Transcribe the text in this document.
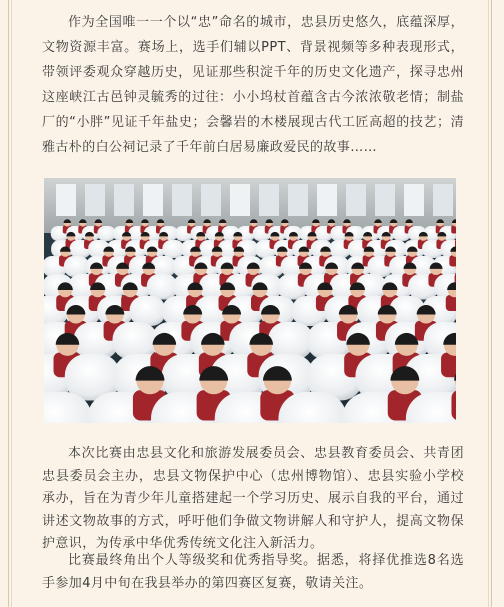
作为全国唯一一个以“忠”命名的城市，忠县历史悠久，底蕴深厚，文物资源丰富。赛场上，选手们辅以PPT、背景视频等多种表现形式，带领评委观众穿越历史，见证那些积淀千年的历史文化遗产，探寻忠州这座峡江古邑钟灵毓秀的过往：小小坞杖首蕴含古今浓浓敬老情；制盐厂的“小胖”见证千年盐史；会馨岩的木楼展现古代工匠高超的技艺；清雅古朴的白公祠记录了千年前白居易廉政爱民的故事……

本次比赛由忠县文化和旅游发展委员会、忠县教育委员会、共青团忠县委员会主办，忠县文物保护中心（忠州博物馆）、忠县实验小学校承办，旨在为青少年儿童搭建起一个学习历史、展示自我的平台，通过讲述文物故事的方式，呼吁他们争做文物讲解人和守护人，提高文物保护意识，为传承中华优秀传统文化注入新活力。

比赛最终角出个人等级奖和优秀指导奖。据悉，将择优推选8名选手参加4月中旬在我县举办的第四赛区复赛，敬请关注。
